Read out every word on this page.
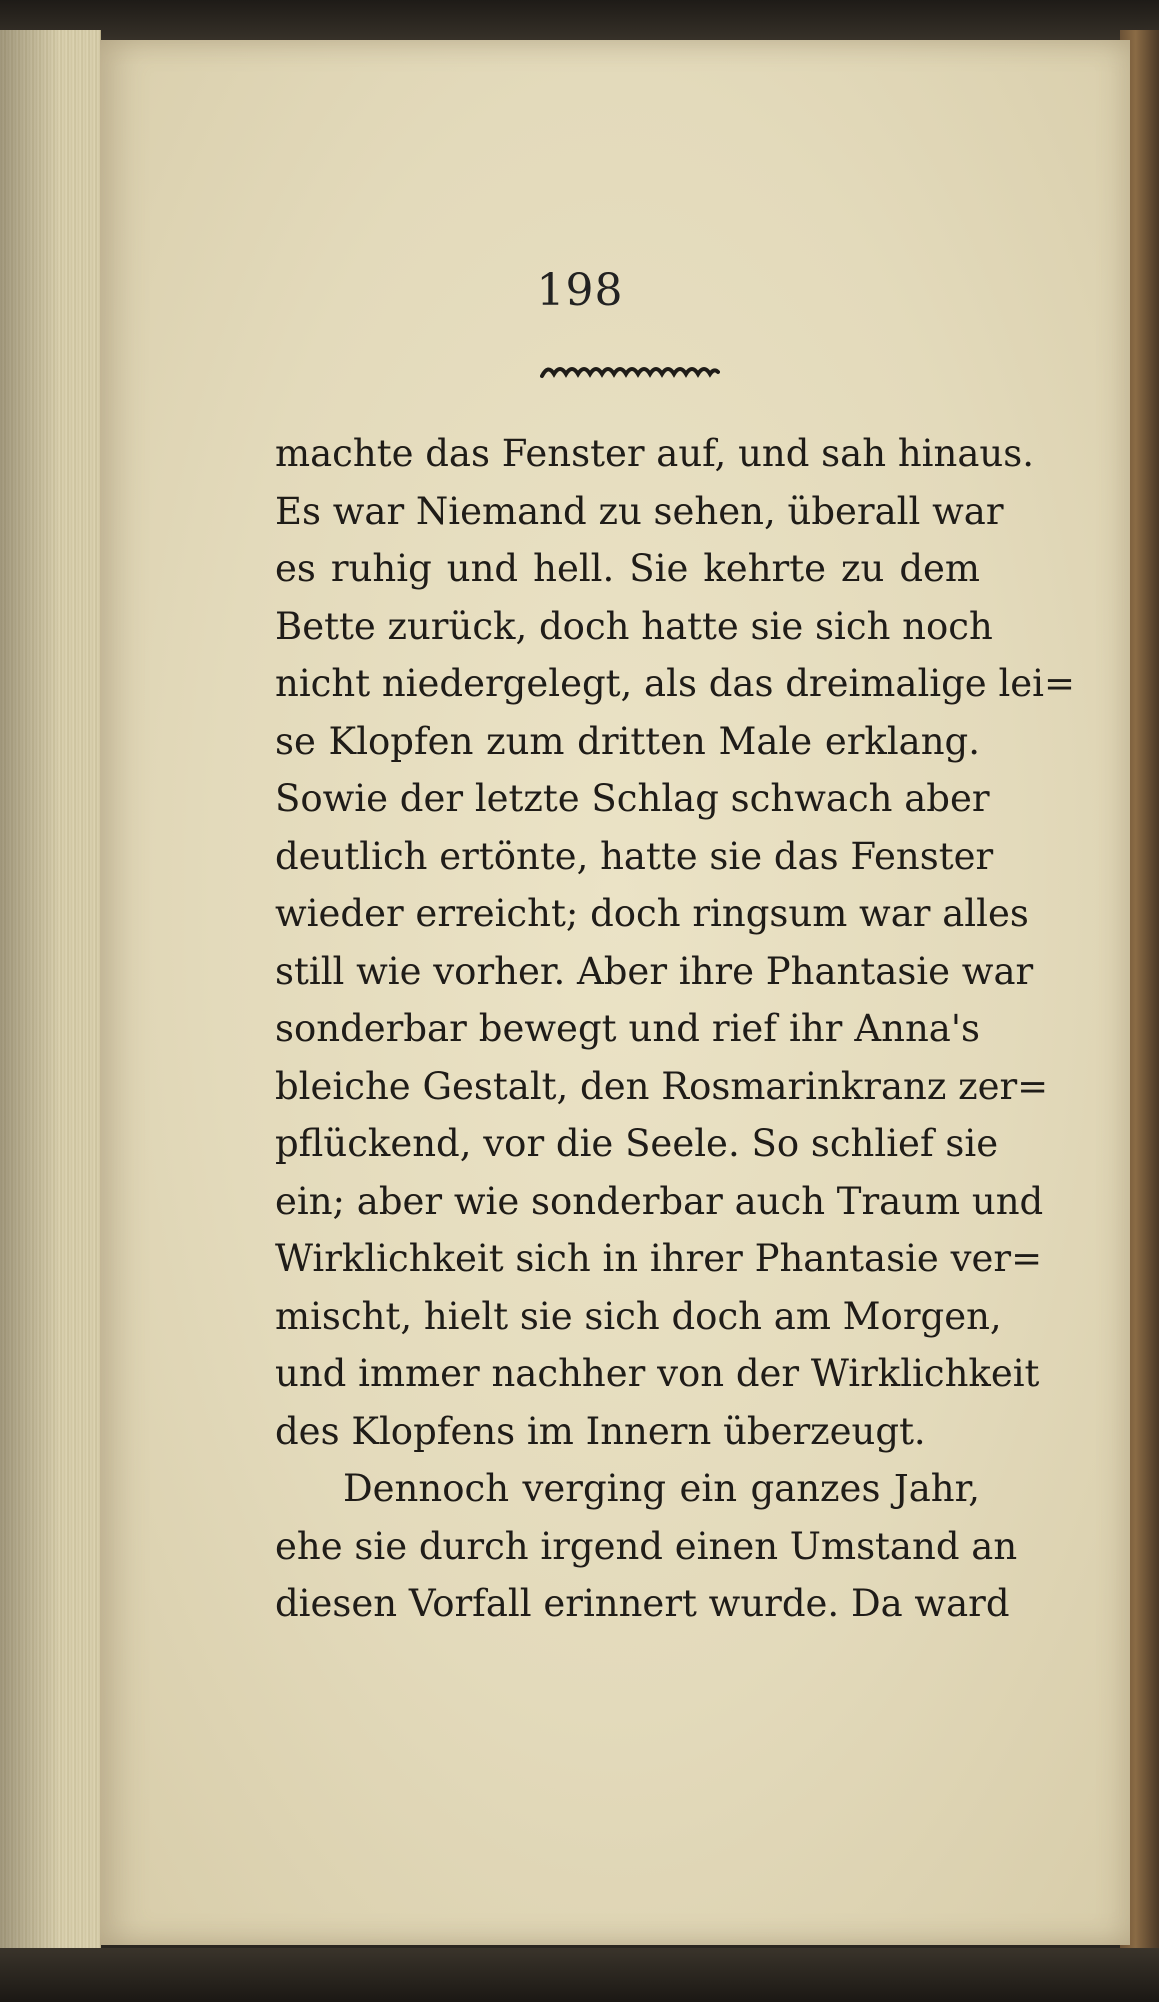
198
machte das Fenster auf, und sah hinaus.
Es war Niemand zu sehen, überall war
es ruhig und hell. Sie kehrte zu dem
Bette zurück, doch hatte sie sich noch
nicht niedergelegt, als das dreimalige lei=
se Klopfen zum dritten Male erklang.
Sowie der letzte Schlag schwach aber
deutlich ertönte, hatte sie das Fenster
wieder erreicht; doch ringsum war alles
still wie vorher. Aber ihre Phantasie war
sonderbar bewegt und rief ihr Anna's
bleiche Gestalt, den Rosmarinkranz zer=
pflückend, vor die Seele. So schlief sie
ein; aber wie sonderbar auch Traum und
Wirklichkeit sich in ihrer Phantasie ver=
mischt, hielt sie sich doch am Morgen,
und immer nachher von der Wirklichkeit
des Klopfens im Innern überzeugt.
Dennoch verging ein ganzes Jahr,
ehe sie durch irgend einen Umstand an
diesen Vorfall erinnert wurde. Da ward
